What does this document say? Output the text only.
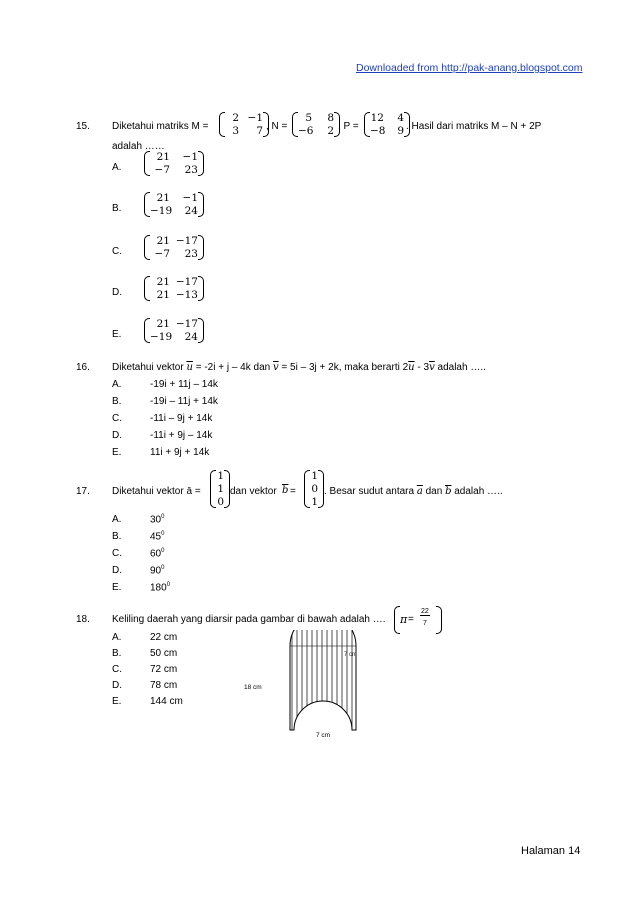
Downloaded from http://pak-anang.blogspot.com
15. Diketahui matriks M =
2 −1
3	7 , N =
5	8
−6	2 , P =
12	4
−8	9 . Hasil dari matriks M – N + 2P
adalah ……
A.
21	−1
−7	23
B.
21	−1
−19	24
C.
21 −17
−7	23
D.
21 −17
21 −13
E.
21 −17
−19	24
16. Diketahui vektor $\overline{u} = -2i + j - 4k$ dan $\overline{v} = 5i - 3j + 2k$, maka berarti $2\overline{u} - 3\overline{v}$ adalah …..
A.	-19i + 11j – 14k
B.	-19i – 11j + 14k
C.	-11i – 9j + 14k
D.	-11i + 9j – 14k
E.	11i + 9j + 14k
17. Diketahui vektor ā =
1
1
0
dan vektor $\overline{b}$ =
1
0
1
. Besar sudut antara $\overline{a}$ dan $\overline{b}$ adalah …..
A.	$30^0$
B.	$45^0$
C.	$60^0$
D.	$90^0$
E.	$180^0$
18. Keliling daerah yang diarsir pada gambar di bawah adalah …. π =
22
7
A.	22 cm
B.	50 cm
C.	72 cm
D.	78 cm
E.	144 cm
18 cm
7 cm
7 cm
Halaman 14
